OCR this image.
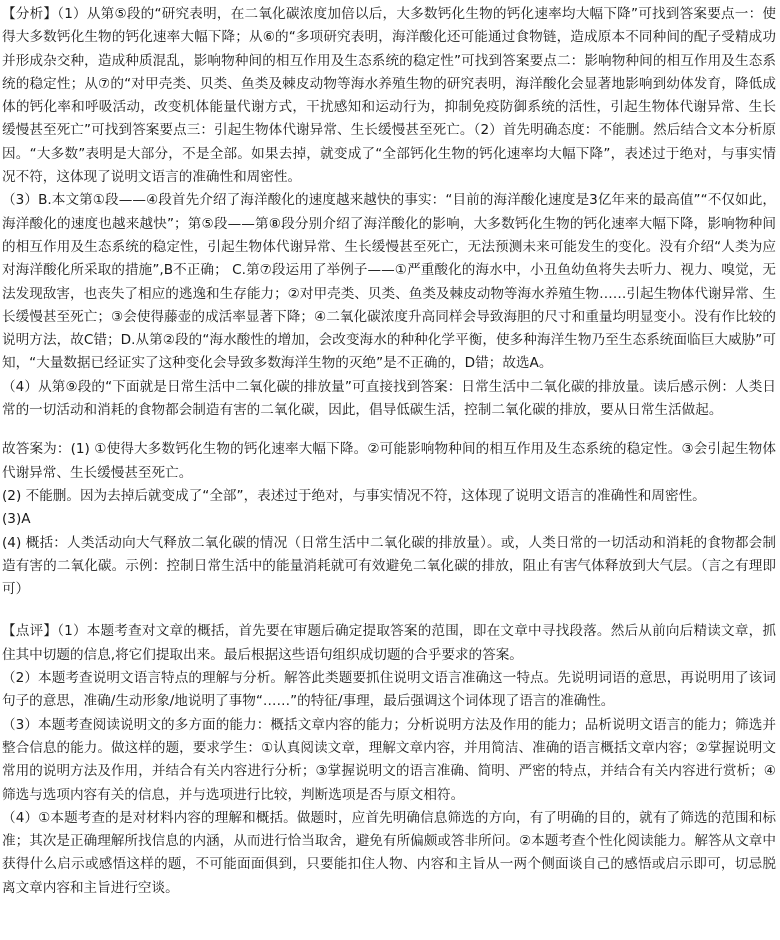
【分析】（1）从第⑤段的“研究表明，在二氧化碳浓度加倍以后，大多数钙化生物的钙化速率均大幅下降”可找到答案要点一：使得大多数钙化生物的钙化速率大幅下降；从⑥的“多项研究表明，海洋酸化还可能通过食物链，造成原本不同种间的配子受精成功并形成杂交种，造成种质混乱，影响物种间的相互作用及生态系统的稳定性”可找到答案要点二：影响物种间的相互作用及生态系统的稳定性；从⑦的“对甲壳类、贝类、鱼类及棘皮动物等海水养殖生物的研究表明，海洋酸化会显著地影响到幼体发育，降低成体的钙化率和呼吸活动，改变机体能量代谢方式，干扰感知和运动行为，抑制免疫防御系统的活性，引起生物体代谢异常、生长缓慢甚至死亡”可找到答案要点三：引起生物体代谢异常、生长缓慢甚至死亡。（2）首先明确态度：不能删。然后结合文本分析原因。“大多数”表明是大部分，不是全部。如果去掉，就变成了“全部钙化生物的钙化速率均大幅下降”，表述过于绝对，与事实情况不符，这体现了说明文语言的准确性和周密性。

（3）B.本文第①段——④段首先介绍了海洋酸化的速度越来越快的事实：“目前的海洋酸化速度是3亿年来的最高值”“不仅如此，海洋酸化的速度也越来越快”；第⑤段——第⑧段分别介绍了海洋酸化的影响，大多数钙化生物的钙化速率大幅下降，影响物种间的相互作用及生态系统的稳定性，引起生物体代谢异常、生长缓慢甚至死亡，无法预测未来可能发生的变化。没有介绍“人类为应对海洋酸化所采取的措施”,B不正确； C.第⑦段运用了举例子——①严重酸化的海水中，小丑鱼幼鱼将失去听力、视力、嗅觉，无法发现敌害，也丧失了相应的逃逸和生存能力；②对甲壳类、贝类、鱼类及棘皮动物等海水养殖生物……引起生物体代谢异常、生长缓慢甚至死亡；③会使得藤壶的成活率显著下降；④二氧化碳浓度升高同样会导致海胆的尺寸和重量均明显变小。没有作比较的说明方法，故C错；D.从第②段的“海水酸性的增加，会改变海水的种种化学平衡，使多种海洋生物乃至生态系统面临巨大威胁”可知，“大量数据已经证实了这种变化会导致多数海洋生物的灭绝”是不正确的，D错；故选A。

（4）从第⑨段的“下面就是日常生活中二氧化碳的排放量”可直接找到答案：日常生活中二氧化碳的排放量。读后感示例：人类日常的一切活动和消耗的食物都会制造有害的二氧化碳，因此，倡导低碳生活，控制二氧化碳的排放，要从日常生活做起。

故答案为：(1) ①使得大多数钙化生物的钙化速率大幅下降。②可能影响物种间的相互作用及生态系统的稳定性。③会引起生物体代谢异常、生长缓慢甚至死亡。

(2) 不能删。因为去掉后就变成了“全部”，表述过于绝对，与事实情况不符，这体现了说明文语言的准确性和周密性。

(3)A

(4) 概括：人类活动向大气释放二氧化碳的情况（日常生活中二氧化碳的排放量）。或，人类日常的一切活动和消耗的食物都会制造有害的二氧化碳。示例：控制日常生活中的能量消耗就可有效避免二氧化碳的排放，阻止有害气体释放到大气层。（言之有理即可）

【点评】（1）本题考查对文章的概括，首先要在审题后确定提取答案的范围，即在文章中寻找段落。然后从前向后精读文章，抓住其中切题的信息,将它们提取出来。最后根据这些语句组织成切题的合乎要求的答案。

（2）本题考查说明文语言特点的理解与分析。解答此类题要抓住说明文语言准确这一特点。先说明词语的意思，再说明用了该词句子的意思，准确/生动形象/地说明了事物“……”的特征/事理，最后强调这个词体现了语言的准确性。

（3）本题考查阅读说明文的多方面的能力：概括文章内容的能力；分析说明方法及作用的能力；品析说明文语言的能力；筛选并整合信息的能力。做这样的题，要求学生：①认真阅读文章，理解文章内容，并用简洁、准确的语言概括文章内容；②掌握说明文常用的说明方法及作用，并结合有关内容进行分析；③掌握说明文的语言准确、简明、严密的特点，并结合有关内容进行赏析；④筛选与选项内容有关的信息，并与选项进行比较，判断选项是否与原文相符。

（4）①本题考查的是对材料内容的理解和概括。做题时，应首先明确信息筛选的方向，有了明确的目的，就有了筛选的范围和标准；其次是正确理解所找信息的内涵，从而进行恰当取舍，避免有所偏颇或答非所问。②本题考查个性化阅读能力。解答从文章中获得什么启示或感悟这样的题，不可能面面俱到，只要能扣住人物、内容和主旨从一两个侧面谈自己的感悟或启示即可，切忌脱离文章内容和主旨进行空谈。
